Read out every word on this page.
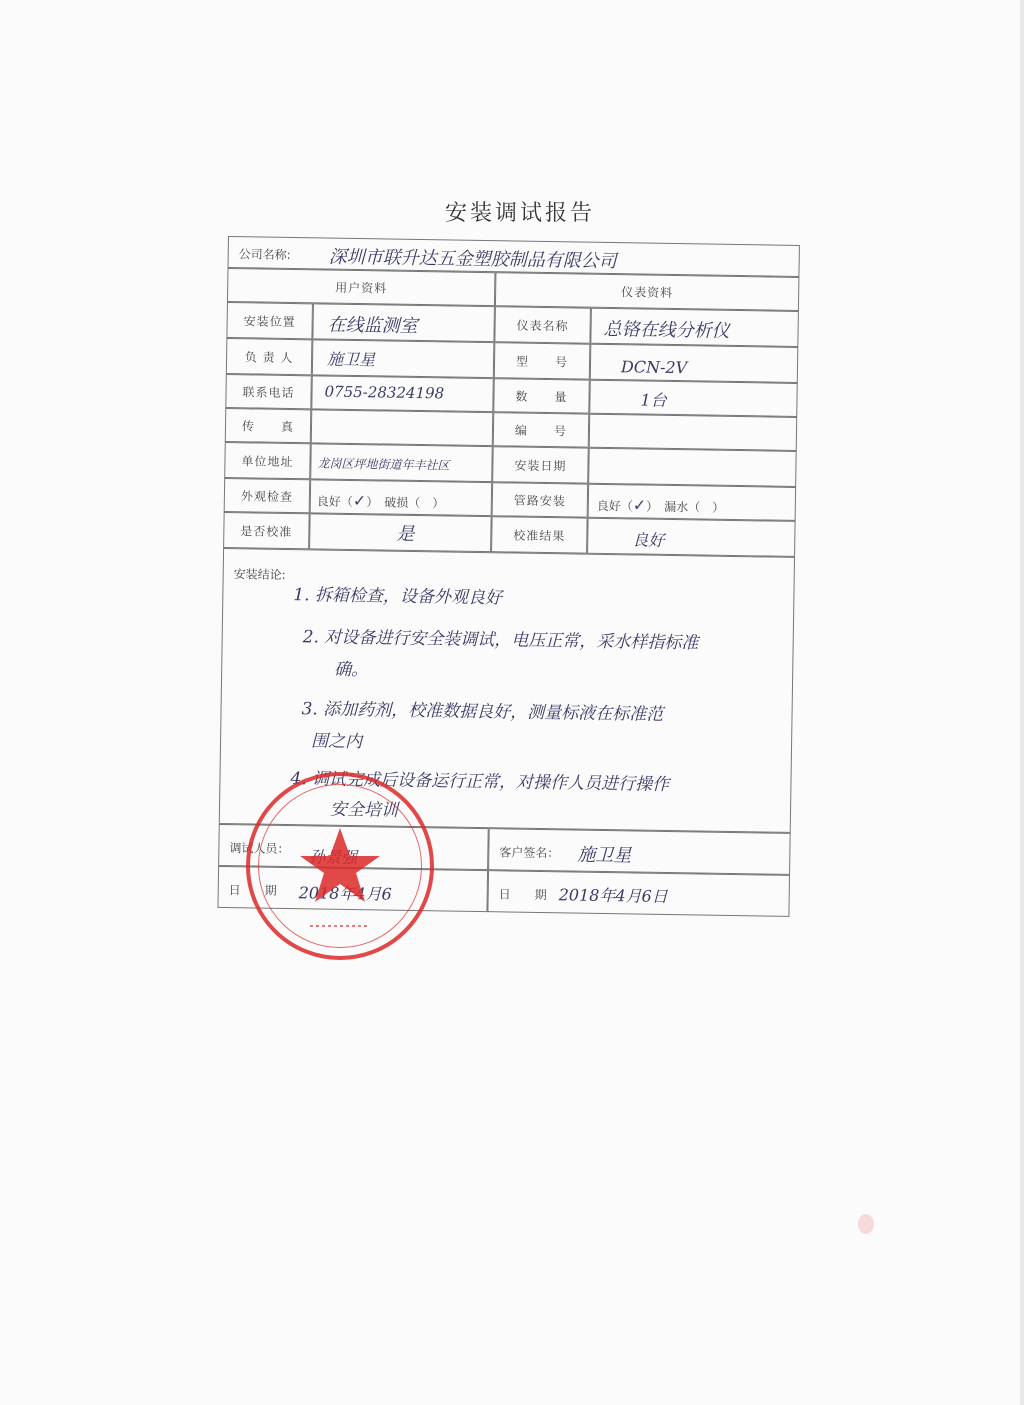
安装调试报告
公司名称: 深圳市联升达五金塑胶制品有限公司
用户资料	仪表资料
安装位置
负 责 人
联系电话
传　　真
单位地址
外观检查
是否校准
在线监测室
施卫星
0755-28324198
龙岗区坪地街道年丰社区
良好（✓）　破损（　）
是
仪表名称
型　　号
数　　量
编　　号
安装日期
管路安装
校准结果
总铬在线分析仪
DCN-2V
1台
良好（✓）　漏水（　）
良好
安装结论:
1. 拆箱检查，设备外观良好
2. 对设备进行安全装调试，电压正常，采水样指标准
确。
3. 添加药剂，校准数据良好，测量标液在标准范
围之内
4. 调试完成后设备运行正常，对操作人员进行操作
安全培训
调试人员：
日　　期 2018年4月6
客户签名： 施卫星
日　　期 2018年4月6日
